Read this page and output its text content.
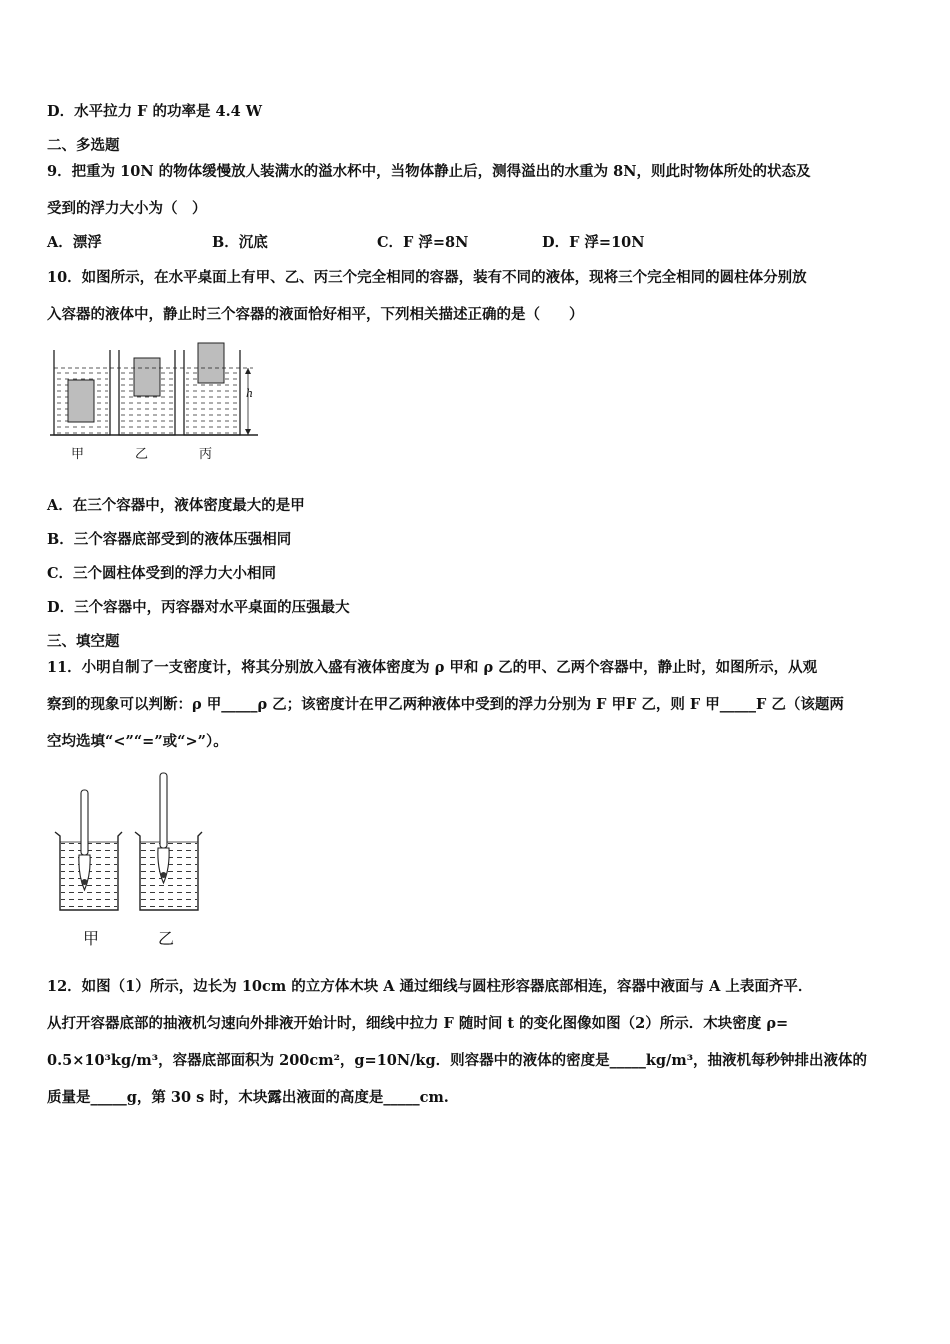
D．水平拉力 F 的功率是 4.4 W
二、多选题
9．把重为 10N 的物体缓慢放人装满水的溢水杯中，当物体静止后，测得溢出的水重为 8N，则此时物体所处的状态及
受到的浮力大小为（　）
A．漂浮	B．沉底	C．F 浮=8N	D．F 浮=10N
10．如图所示，在水平桌面上有甲、乙、丙三个完全相同的容器，装有不同的液体，现将三个完全相同的圆柱体分别放
入容器的液体中，静止时三个容器的液面恰好相平，下列相关描述正确的是（　　）
h
甲	乙	丙
A．在三个容器中，液体密度最大的是甲
B．三个容器底部受到的液体压强相同
C．三个圆柱体受到的浮力大小相同
D．三个容器中，丙容器对水平桌面的压强最大
三、填空题
11．小明自制了一支密度计，将其分别放入盛有液体密度为 ρ 甲和 ρ 乙的甲、乙两个容器中，静止时，如图所示，从观
察到的现象可以判断：ρ 甲_____ρ 乙；该密度计在甲乙两种液体中受到的浮力分别为 F 甲F 乙，则 F 甲_____F 乙（该题两
空均选填“<”“=”或“>”）。
甲	乙
12．如图（1）所示，边长为 10cm 的立方体木块 A 通过细线与圆柱形容器底部相连，容器中液面与 A 上表面齐平．
从打开容器底部的抽液机匀速向外排液开始计时，细线中拉力 F 随时间 t 的变化图像如图（2）所示．木块密度 ρ=
0.5×10³kg/m³，容器底部面积为 200cm²，g=10N/kg．则容器中的液体的密度是_____kg/m³，抽液机每秒钟排出液体的
质量是_____g，第 30 s 时，木块露出液面的高度是_____cm.
